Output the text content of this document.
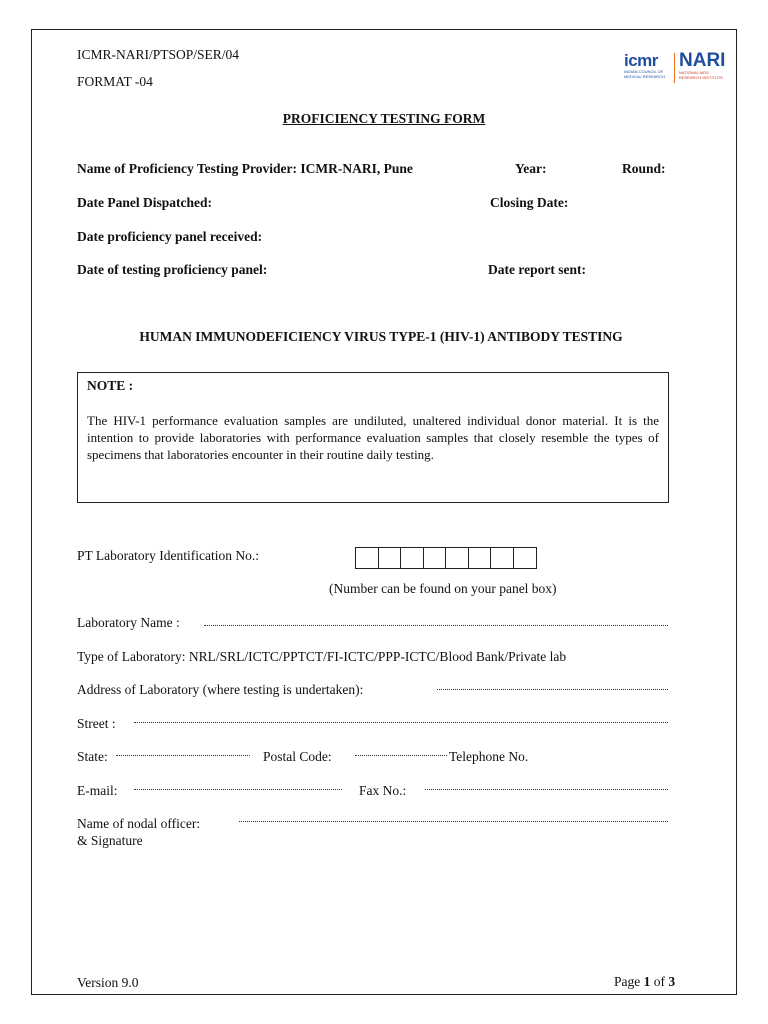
ICMR-NARI/PTSOP/SER/04
FORMAT -04
icmr
INDIAN COUNCIL OF MEDICAL RESEARCH
NARI
NATIONAL AIDS RESEARCH INSTITUTE
PROFICIENCY TESTING FORM
Name of Proficiency Testing Provider: ICMR-NARI, Pune	Year:	Round:
Date Panel Dispatched:	Closing Date:
Date proficiency panel received:
Date of testing proficiency panel:	Date report sent:
HUMAN IMMUNODEFICIENCY VIRUS TYPE-1 (HIV-1) ANTIBODY TESTING
NOTE :
The HIV-1 performance evaluation samples are undiluted, unaltered individual donor material. It is the intention to provide laboratories with performance evaluation samples that closely resemble the types of specimens that laboratories encounter in their routine daily testing.
PT Laboratory Identification No.:
(Number can be found on your panel box)
Laboratory Name :
Type of Laboratory: NRL/SRL/ICTC/PPTCT/FI-ICTC/PPP-ICTC/Blood Bank/Private lab
Address of Laboratory (where testing is undertaken):
Street :
State:	Postal Code:	Telephone No.
E-mail:	Fax No.:
Name of nodal officer:
& Signature
Version 9.0	Page 1 of 3
